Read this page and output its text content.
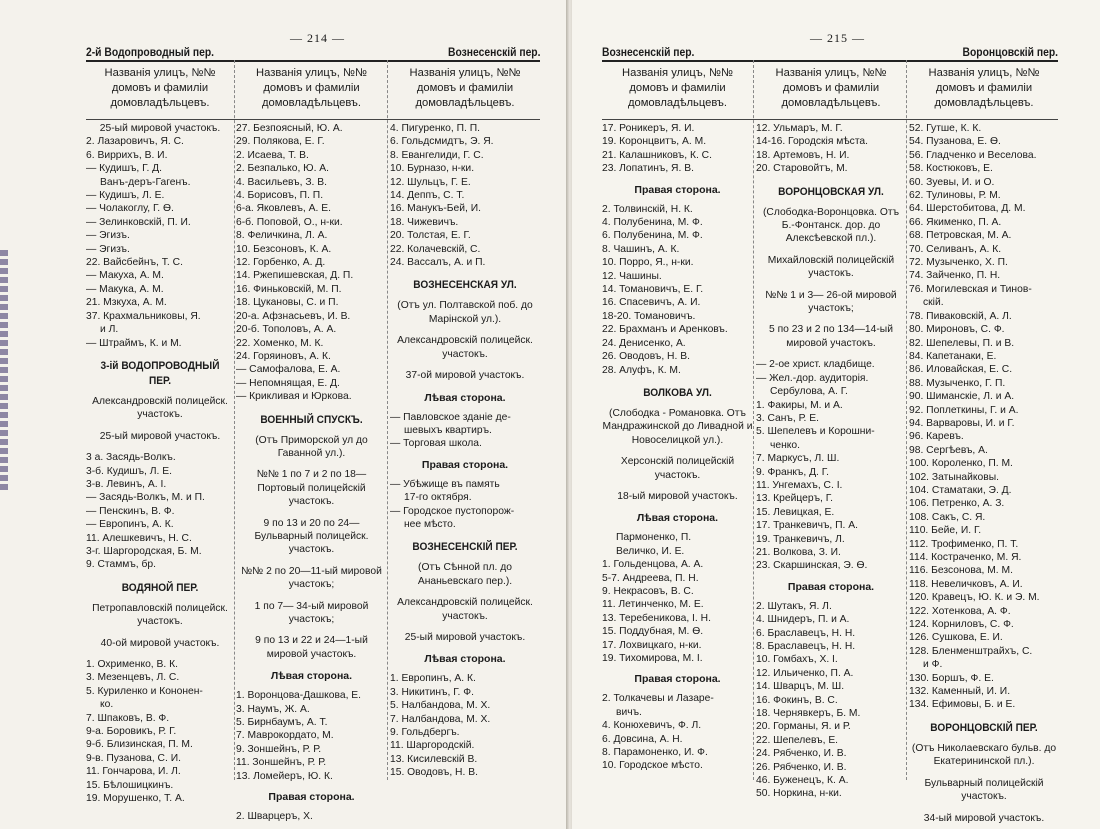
— 214 —
2-й Водопроводный пер.	Вознесенскій пер.
Названія улицъ, №№ домовъ и фамиліи домовладѣльцевъ.
25-ый мировой участокъ.
2. Лазаровичъ, Я. С.
6. Виррихъ, В. И.
— Кудишъ, Г. Д.
Ванъ-деръ-Гагенъ.
— Кудишъ, Л. Е.
— Чолакоглу, Г. Ѳ.
— Зелинковскій, П. И.
— Эгизъ.
— Эгизъ.
22. Вайсбейнъ, Т. С.
— Макуха, А. М.
— Макука, А. М.
21. Мзкуха, А. М.
37. Крахмальниковы, Я.
и Л.
— Штраймъ, К. и М.
3-ій ВОДОПРОВОДНЫЙ ПЕР.
Александровскій полицейск. участокъ.
25-ый мировой участокъ.
3 а. Засядь-Волкъ.
3-б. Кудишъ, Л. Е.
3-в. Левинъ, А. I.
— Засядь-Волкъ, М. и П.
— Пенскинъ, В. Ф.
— Европинъ, А. К.
11. Алешкевичъ, Н. С.
3-г. Шаргородская, Б. М.
9. Стаммъ, бр.
ВОДЯНОЙ ПЕР.
Петропавловскій полицейск. участокъ.
40-ой мировой участокъ.
1. Охрименко, В. К.
3. Мезенцевъ, Л. С.
5. Куриленко и Кононен-
ко.
7. Шпаковъ, В. Ф.
9-а. Боровикъ, Р. Г.
9-б. Близинская, П. М.
9-в. Пузанова, С. И.
11. Гончарова, И. Л.
15. Бѣлошицкинъ.
19. Морушенко, Т. А.
Названія улицъ, №№ домовъ и фамиліи домовладѣльцевъ.
27. Безпоясный, Ю. А.
29. Полякова, Е. Г.
2. Исаева, Т. В.
2. Безпалько, Ю. А.
4. Васильевъ, З. В.
4. Борисовъ, П. П.
6-а. Яковлевъ, А. Е.
6-б. Поповой, О., н-ки.
8. Феличкина, Л. А.
10. Безсоновъ, К. А.
12. Горбенко, А. Д.
14. Ржепишевская, Д. П.
16. Финьковскій, М. П.
18. Цукановы, С. и П.
20-а. Афзнасьевъ, И. В.
20-б. Тополовъ, А. А.
22. Хоменко, М. К.
24. Горяиновъ, А. К.
— Самофалова, Е. А.
— Непомнящая, Е. Д.
— Крикливая и Юркова.
ВОЕННЫЙ СПУСКЪ.
(Отъ Приморской ул до Гаванной ул.).
№№ 1 по 7 и 2 по 18— Портовый полицейскій участокъ.
9 по 13 и 20 по 24—Бульварный полицейск. участокъ.
№№ 2 по 20—11-ый мировой участокъ;
1 по 7— 34-ый мировой участокъ;
9 по 13 и 22 и 24—1-ый мировой участокъ.
Лѣвая сторона.
1. Воронцова-Дашкова, Е.
3. Наумъ, Ж. А.
5. Бирнбаумъ, А. Т.
7. Мавpокордато, М.
9. Зоншейнъ, Р. Р.
11. Зоншейнъ, Р. Р.
13. Ломейеръ, Ю. К.
Правая сторона.
2. Шварцеръ, Х.
Названія улицъ, №№ домовъ и фамиліи домовладѣльцевъ.
4. Пигуренко, П. П.
6. Гольдсмидтъ, Э. Я.
8. Евангелиди, Г. С.
10. Бурназо, н-ки.
12. Шульцъ, Г. Е.
14. Деппъ, С. Т.
16. Манукъ-Бей, И.
18. Чижевичъ.
20. Толстая, Е. Г.
22. Колачевскій, С.
24. Вассалъ, А. и П.
ВОЗНЕСЕНСКАЯ УЛ.
(Отъ ул. Полтавской поб. до Марінской ул.).
Александровскій полицейск. участокъ.
37-ой мировой участокъ.
Лѣвая сторона.
— Павловское зданіе де-
шевыхъ квартиръ.
— Торговая школа.
Правая сторона.
— Убѣжище въ память
17-го октября.
— Городское пустопорож-
нее мѣсто.
ВОЗНЕСЕНСКІЙ ПЕР.
(Отъ Сѣнной пл. до Ананьевскаго пер.).
Александровскій полицейск. участокъ.
25-ый мировой участокъ.
Лѣвая сторона.
1. Европинъ, А. К.
3. Никитинъ, Г. Ф.
5. Налбандова, М. Х.
7. Налбандова, М. Х.
9. Гольдбергъ.
11. Шаргородскій.
13. Кисилевскій В.
15. Оводовъ, Н. В.
— 215 —
Вознесенскій пер.	Воронцовскій пер.
Названія улицъ, №№ домовъ и фамиліи домовладѣльцевъ.
17. Роникеръ, Я. И.
19. Коронцвитъ, А. М.
21. Калашниковъ, К. С.
23. Лопатинъ, Я. В.
Правая сторона.
2. Толвинскій, Н. К.
4. Полубенина, М. Ф.
6. Полубенина, М. Ф.
8. Чашинъ, А. К.
10. Порро, Я., н-ки.
12. Чашины.
14. Томановичъ, Е. Г.
16. Спасевичъ, А. И.
18-20. Томановичъ.
22. Брахманъ и Аренковъ.
24. Денисенко, А.
26. Оводовъ, Н. В.
28. Алуфъ, К. М.
ВОЛКОВА УЛ.
(Слободка - Романовка. Отъ Мандражинской до Ливадной и Новоселицкой ул.).
Херсонскій полицейскій участокъ.
18-ый мировой участокъ.
Лѣвая сторона.
Пармоненко, П.
Величко, И. Е.
1. Гольденцова, А. А.
5-7. Андреева, П. Н.
9. Некрасовъ, В. С.
11. Летинченко, М. Е.
13. Теребеникова, I. Н.
15. Поддубная, М. Ѳ.
17. Лохвицкаго, н-ки.
19. Тихомирова, М. I.
Правая сторона.
2. Толкачевы и Лазаре-
вичъ.
4. Конюхевичъ, Ф. Л.
6. Довсина, А. Н.
8. Парамоненко, И. Ф.
10. Городское мѣсто.
Названія улицъ, №№ домовъ и фамиліи домовладѣльцевъ.
12. Ульмаръ, М. Г.
14-16. Городскія мѣста.
18. Артемовъ, Н. И.
20. Старовойтъ, М.
ВОРОНЦОВСКАЯ УЛ.
(Слободка-Воронцовка. Отъ Б.-Фонтанск. дор. до Алексѣевской пл.).
Михайловскій полицейскій участокъ.
№№ 1 и 3— 26-ой мировой участокъ;
5 по 23 и 2 по 134—14-ый мировой участокъ.
— 2-ое христ. кладбище.
— Жел.-дор. аудиторія.
Сербулова, А. Г.
1. Факиры, М. и А.
3. Санъ, Р. Е.
5. Шепелевъ и Корошни-
ченко.
7. Маркусъ, Л. Ш.
9. Франкъ, Д. Г.
11. Унгемахъ, С. I.
13. Крейцеръ, Г.
15. Левицкая, Е.
17. Транкевичъ, П. А.
19. Транкевичъ, Л.
21. Волкова, З. И.
23. Скаршинская, Э. Ѳ.
Правая сторона.
2. Шутакъ, Я. Л.
4. Шнидеръ, П. и А.
6. Браславецъ, Н. Н.
8. Браславецъ, Н. Н.
10. Гомбахъ, Х. I.
12. Ильиченко, П. А.
14. Шварцъ, М. Ш.
16. Фокинъ, В. С.
18. Чернявкеръ, Б. М.
20. Горманы, Я. и Р.
22. Шепелевъ, Е.
24. Рябченко, И. В.
26. Рябченко, И. В.
46. Буженецъ, К. А.
50. Норкина, н-ки.
Названія улицъ, №№ домовъ и фамиліи домовладѣльцевъ.
52. Гутше, К. К.
54. Пузанова, Е. Ѳ.
56. Гладченко и Веселова.
58. Костюковъ, Е.
60. Зуевы, И. и О.
62. Тулиновы, Р. М.
64. Шерстобитова, Д. М.
66. Якименко, П. А.
68. Петровская, М. А.
70. Селиванъ, А. К.
72. Музыченко, Х. П.
74. Зайченко, П. Н.
76. Могилевская и Тинов-
скій.
78. Пиваковскій, А. Л.
80. Мироновъ, С. Ф.
82. Шепелевы, П. и В.
84. Капетанаки, Е.
86. Иловайская, Е. С.
88. Музыченко, Г. П.
90. Шиманскіе, Л. и А.
92. Поплеткины, Г. и А.
94. Варваровы, И. и Г.
96. Каревъ.
98. Сергѣевъ, А.
100. Короленко, П. М.
102. Затынайковы.
104. Стаматаки, Э. Д.
106. Петренко, А. З.
108. Сакъ, С. Я.
110. Бейе, И. Г.
112. Трофименко, П. Т.
114. Костраченко, М. Я.
116. Безсонова, М. М.
118. Невеличковъ, А. И.
120. Кравецъ, Ю. К. и Э. М.
122. Хотенкова, А. Ф.
124. Корниловъ, С. Ф.
126. Сушкова, Е. И.
128. Бленменштрайхъ, С.
и Ф.
130. Боршъ, Ф. Е.
132. Каменный, И. И.
134. Ефимовы, Б. и Е.
ВОРОНЦОВСКІЙ ПЕР.
(Отъ Николаевскаго бульв. до Екатерининской пл.).
Бульварный полицейскій участокъ.
34-ый мировой участокъ.
